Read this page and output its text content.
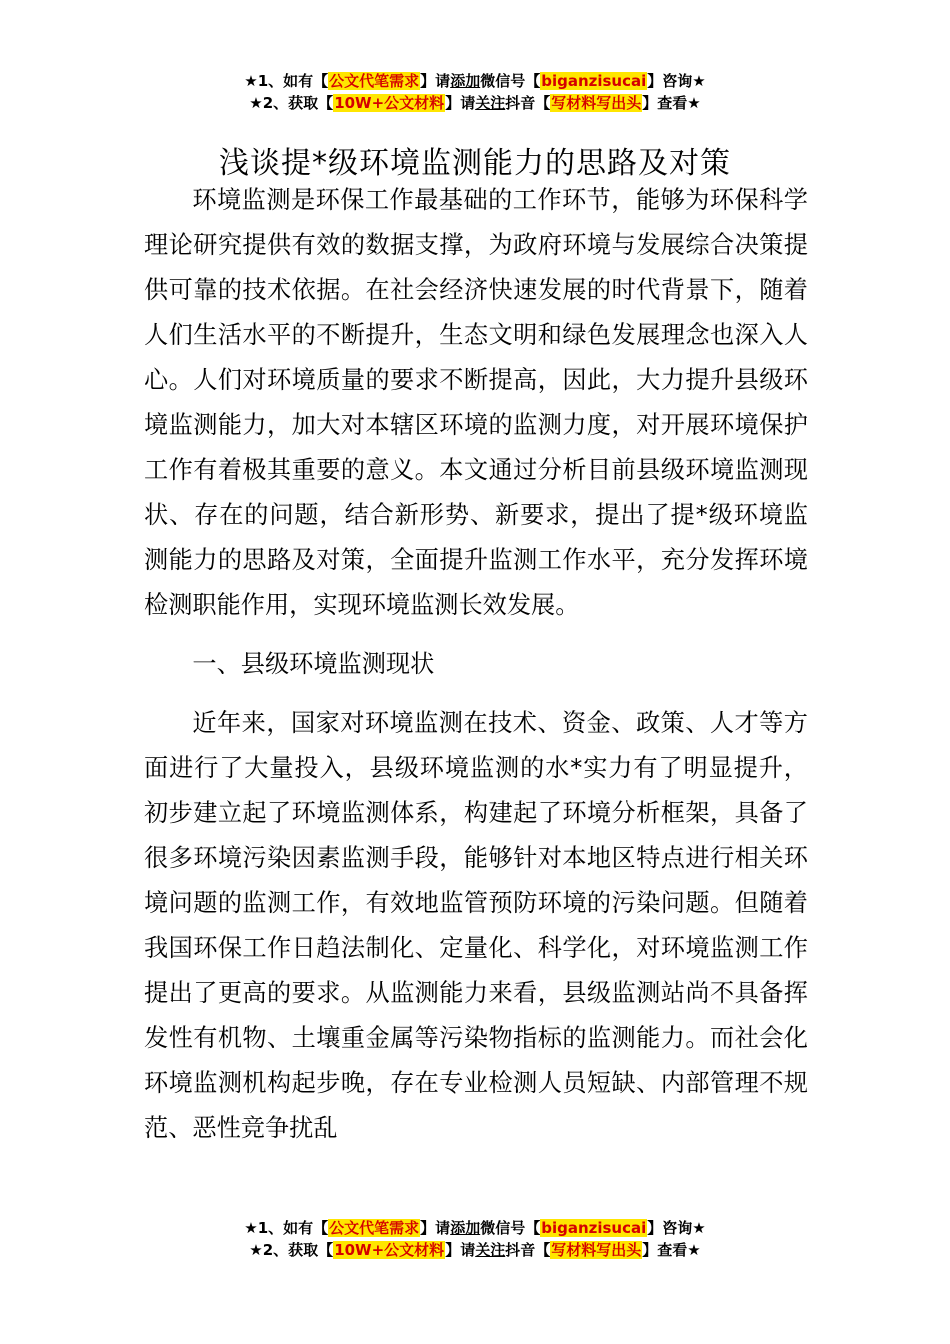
★1、如有【公文代笔需求】请添加微信号【biganzisucai】咨询★
★2、获取【10W+公文材料】请关注抖音【写材料写出头】查看★
浅谈提*级环境监测能力的思路及对策

环境监测是环保工作最基础的工作环节，能够为环保科学理论研究提供有效的数据支撑，为政府环境与发展综合决策提供可靠的技术依据。在社会经济快速发展的时代背景下，随着人们生活水平的不断提升，生态文明和绿色发展理念也深入人心。人们对环境质量的要求不断提高，因此，大力提升县级环境监测能力，加大对本辖区环境的监测力度，对开展环境保护工作有着极其重要的意义。本文通过分析目前县级环境监测现状、存在的问题，结合新形势、新要求，提出了提*级环境监测能力的思路及对策，全面提升监测工作水平，充分发挥环境检测职能作用，实现环境监测长效发展。

一、县级环境监测现状

近年来，国家对环境监测在技术、资金、政策、人才等方面进行了大量投入，县级环境监测的水*实力有了明显提升，初步建立起了环境监测体系，构建起了环境分析框架，具备了很多环境污染因素监测手段，能够针对本地区特点进行相关环境问题的监测工作，有效地监管预防环境的污染问题。但随着我国环保工作日趋法制化、定量化、科学化，对环境监测工作提出了更高的要求。从监测能力来看，县级监测站尚不具备挥发性有机物、土壤重金属等污染物指标的监测能力。而社会化环境监测机构起步晚，存在专业检测人员短缺、内部管理不规范、恶性竞争扰乱

★1、如有【公文代笔需求】请添加微信号【biganzisucai】咨询★
★2、获取【10W+公文材料】请关注抖音【写材料写出头】查看★
